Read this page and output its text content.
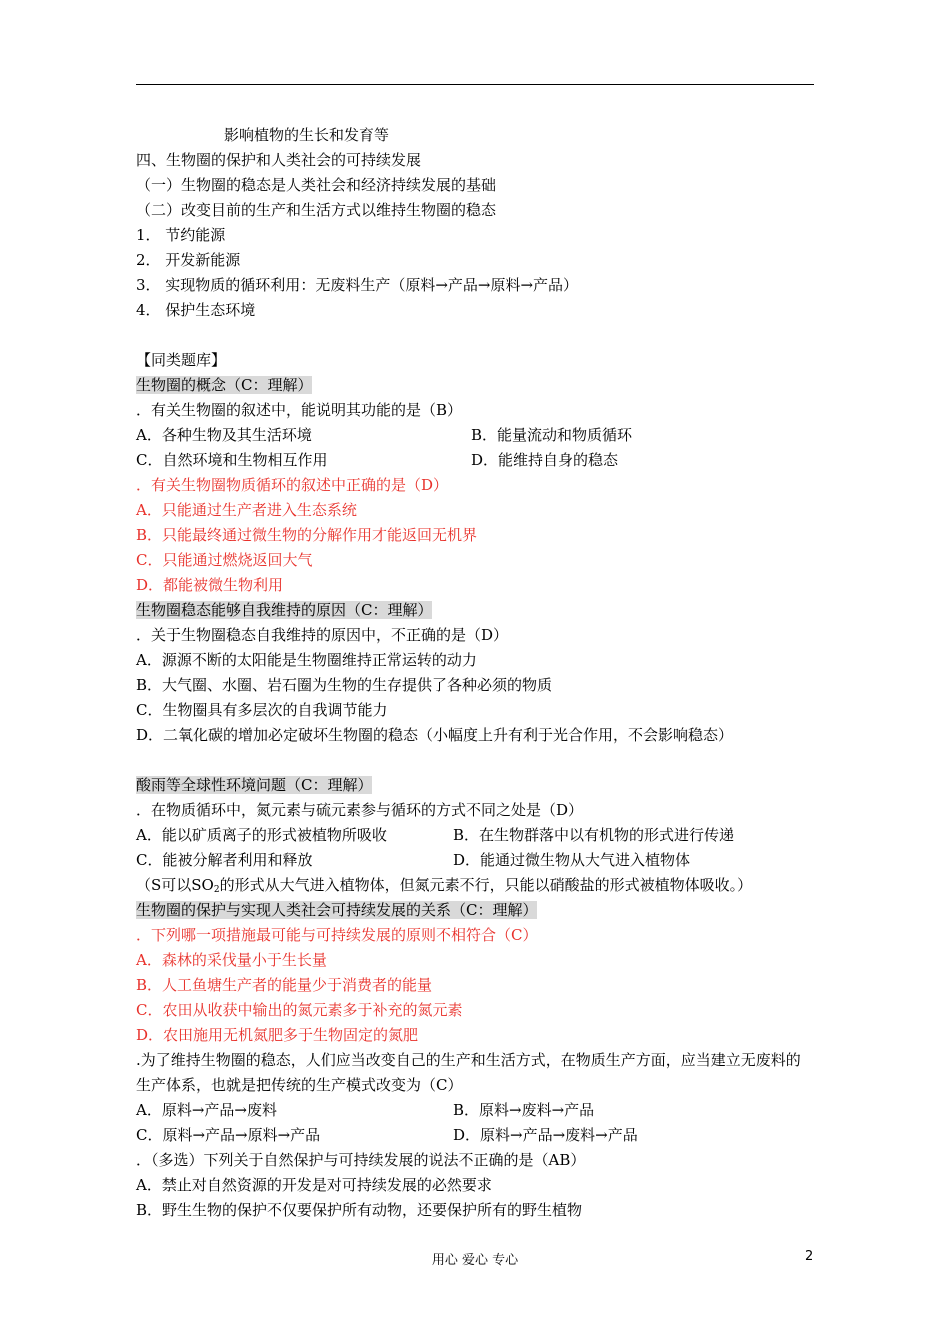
影响植物的生长和发育等
四、生物圈的保护和人类社会的可持续发展
（一）生物圈的稳态是人类社会和经济持续发展的基础
（二）改变目前的生产和生活方式以维持生物圈的稳态
1． 节约能源
2． 开发新能源
3． 实现物质的循环利用：无废料生产（原料→产品→原料→产品）
4． 保护生态环境
【同类题库】
生物圈的概念（C：理解）
．有关生物圈的叙述中，能说明其功能的是（B）
A．各种生物及其生活环境	B．能量流动和物质循环
C．自然环境和生物相互作用	D．能维持自身的稳态
．有关生物圈物质循环的叙述中正确的是（D）
A．只能通过生产者进入生态系统
B．只能最终通过微生物的分解作用才能返回无机界
C．只能通过燃烧返回大气
D．都能被微生物利用
生物圈稳态能够自我维持的原因（C：理解）
．关于生物圈稳态自我维持的原因中，不正确的是（D）
A．源源不断的太阳能是生物圈维持正常运转的动力
B．大气圈、水圈、岩石圈为生物的生存提供了各种必须的物质
C．生物圈具有多层次的自我调节能力
D．二氧化碳的增加必定破坏生物圈的稳态（小幅度上升有利于光合作用，不会影响稳态）
酸雨等全球性环境问题（C：理解）
．在物质循环中，氮元素与硫元素参与循环的方式不同之处是（D）
A．能以矿质离子的形式被植物所吸收	B．在生物群落中以有机物的形式进行传递
C．能被分解者利用和释放	D．能通过微生物从大气进入植物体
（S可以$SO_2$的形式从大气进入植物体，但氮元素不行，只能以硝酸盐的形式被植物体吸收。）
生物圈的保护与实现人类社会可持续发展的关系（C：理解）
．下列哪一项措施最可能与可持续发展的原则不相符合（C）
A．森林的采伐量小于生长量
B．人工鱼塘生产者的能量少于消费者的能量
C．农田从收获中输出的氮元素多于补充的氮元素
D．农田施用无机氮肥多于生物固定的氮肥
.为了维持生物圈的稳态，人们应当改变自己的生产和生活方式，在物质生产方面，应当建立无废料的生产体系，也就是把传统的生产模式改变为（C）
A．原料→产品→废料	B．原料→废料→产品
C．原料→产品→原料→产品	D．原料→产品→废料→产品
．（多选）下列关于自然保护与可持续发展的说法不正确的是（AB）
A．禁止对自然资源的开发是对可持续发展的必然要求
B．野生生物的保护不仅要保护所有动物，还要保护所有的野生植物
用心 爱心 专心	2
